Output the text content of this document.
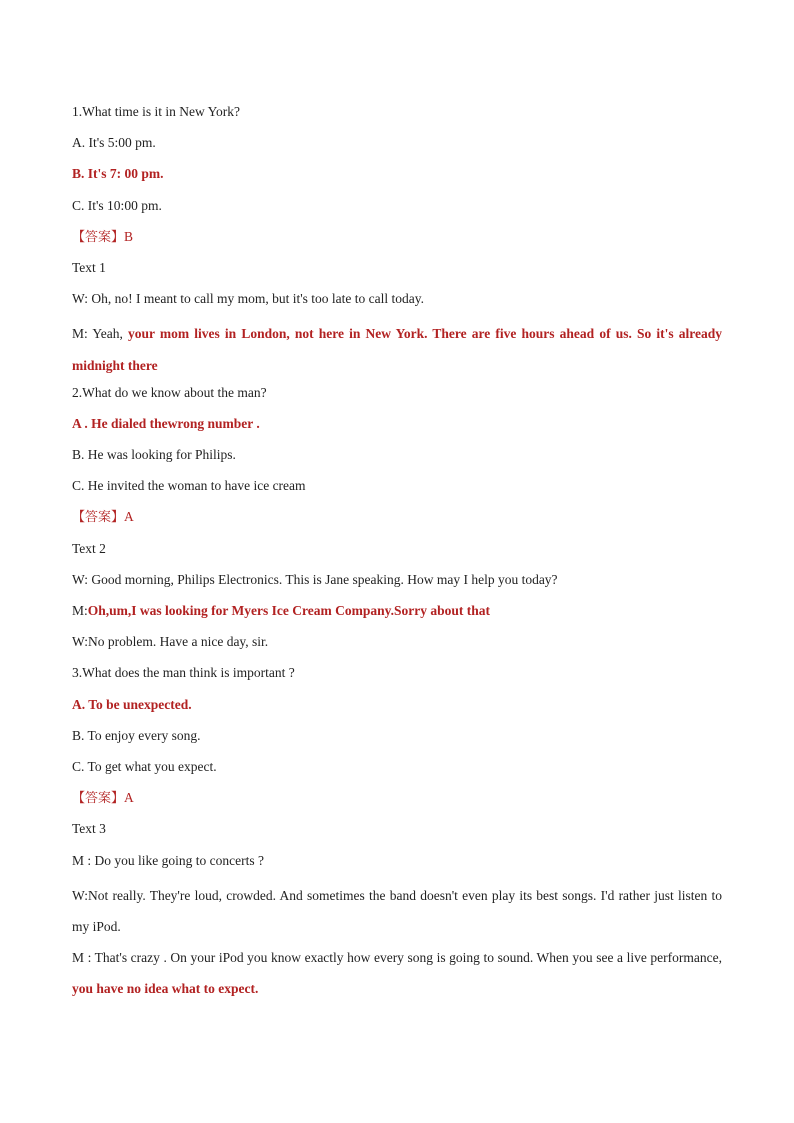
1.What time is it in New York?
A. It's 5:00 pm.
B. It's 7: 00 pm.
C. It's 10:00 pm.
【答案】B
Text 1
W: Oh, no! I meant to call my mom, but it's too late to call today.

M: Yeah, your mom lives in London, not here in New York. There are five hours ahead of us. So it's already midnight there

2.What do we know about the man?
A . He dialed thewrong number .
B. He was looking for Philips.
C. He invited the woman to have ice cream
【答案】A
Text 2
W: Good morning, Philips Electronics. This is Jane speaking. How may I help you today?
M:Oh,um,I was looking for Myers Ice Cream Company.Sorry about that
W:No problem. Have a nice day, sir.
3.What does the man think is important ?
A. To be unexpected.
B. To enjoy every song.
C. To get what you expect.
【答案】A
Text 3
M : Do you like going to concerts ?

W:Not really. They're loud, crowded. And sometimes the band doesn't even play its best songs. I'd rather just listen to my iPod.

M : That's crazy . On your iPod you know exactly how every song is going to sound. When you see a live performance, you have no idea what to expect.
